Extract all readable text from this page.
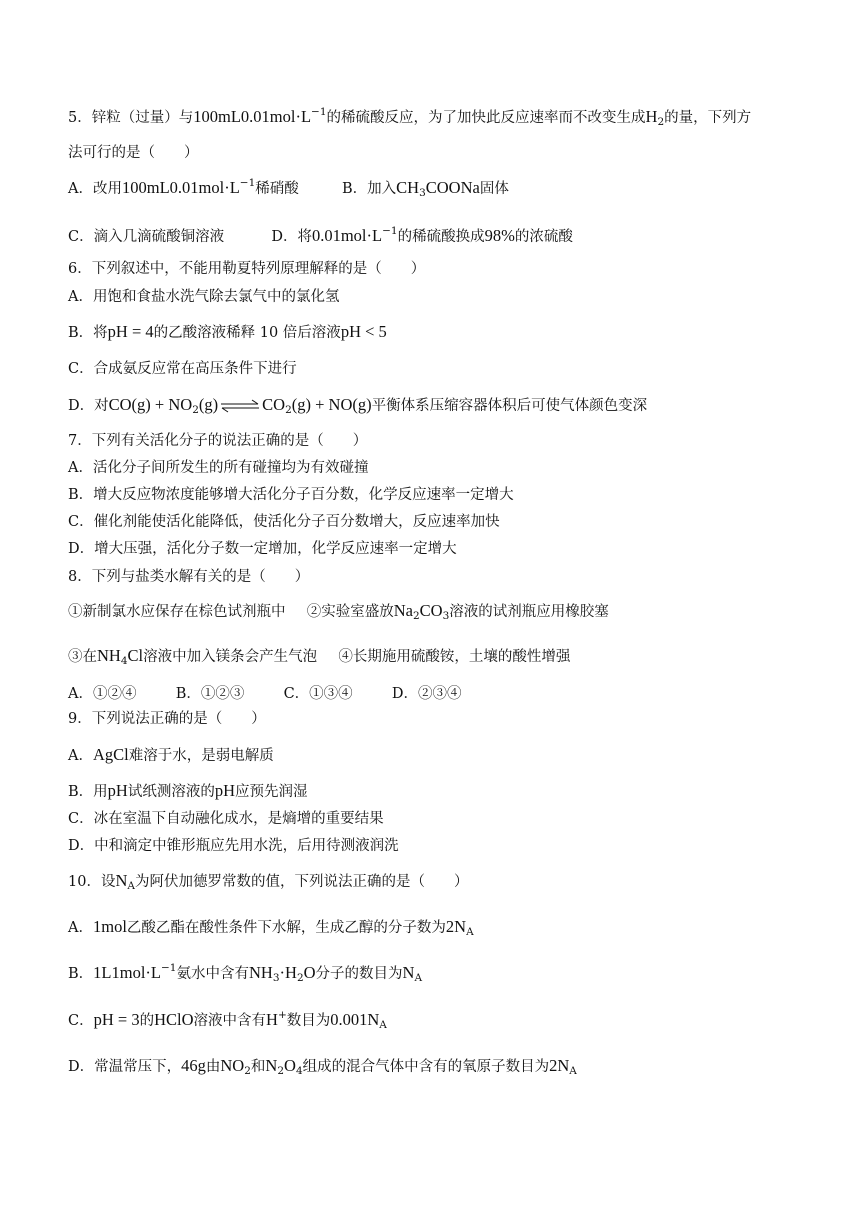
5．锌粒（过量）与$100mL0.01mol\cdot L^{-1}$的稀硫酸反应，为了加快此反应速率而不改变生成$H_2$的量，下列方
法可行的是（　　）
A．改用$100mL0.01mol\cdot L^{-1}$稀硝酸	B．加入$CH_3COONa$固体
C．滴入几滴硫酸铜溶液	D．将$0.01mol\cdot L^{-1}$的稀硫酸换成98%的浓硫酸
6．下列叙述中，不能用勒夏特列原理解释的是（　　）
A．用饱和食盐水洗气除去氯气中的氯化氢
B．将pH = 4的乙酸溶液稀释 10 倍后溶液pH < 5
C．合成氨反应常在高压条件下进行
D．对$CO(g) + NO_2(g)$ ⇌ $CO_2(g) + NO(g)$平衡体系压缩容器体积后可使气体颜色变深
7．下列有关活化分子的说法正确的是（　　）
A．活化分子间所发生的所有碰撞均为有效碰撞
B．增大反应物浓度能够增大活化分子百分数，化学反应速率一定增大
C．催化剂能使活化能降低，使活化分子百分数增大，反应速率加快
D．增大压强，活化分子数一定增加，化学反应速率一定增大
8．下列与盐类水解有关的是（　　）
①新制氯水应保存在棕色试剂瓶中 ②实验室盛放$Na_2CO_3$溶液的试剂瓶应用橡胶塞
③在$NH_4Cl$溶液中加入镁条会产生气泡 ④长期施用硫酸铵，土壤的酸性增强
A．①②④	B．①②③	C．①③④	D．②③④
9．下列说法正确的是（　　）
A．AgCl难溶于水，是弱电解质
B．用pH试纸测溶液的pH应预先润湿
C．冰在室温下自动融化成水，是熵增的重要结果
D．中和滴定中锥形瓶应先用水洗，后用待测液润洗
10．设$N_A$为阿伏加德罗常数的值，下列说法正确的是（　　）
A．1mol乙酸乙酯在酸性条件下水解，生成乙醇的分子数为$2N_A$
B．$1L1mol\cdot L^{-1}$氨水中含有$NH_3\cdot H_2O$分子的数目为$N_A$
C．pH = 3的HClO溶液中含有H+数目为$0.001N_A$
D．常温常压下，46g由$NO_2$和$N_2O_4$组成的混合气体中含有的氧原子数目为$2N_A$
